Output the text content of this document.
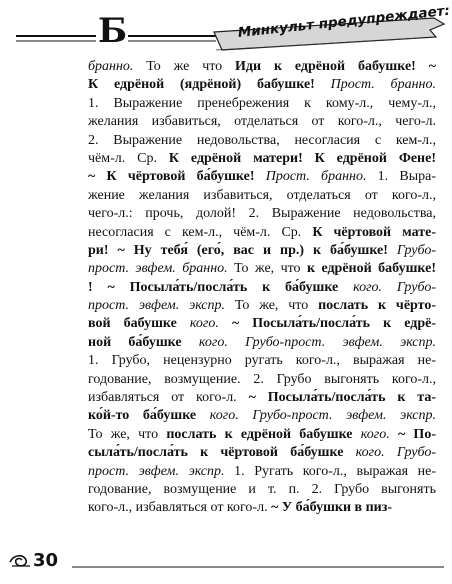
Б	Минкульт предупреждает:
бранно. То же что Иди к едрёной бабушке! ~
К едрёной (ядрёной) бабушке! Прост. бранно.
1. Выражение пренебрежения к кому-л., чему-л.,
желания избавиться, отделаться от кого-л., чего-л.
2. Выражение недовольства, несогласия с кем-л.,
чём-л. Ср. К едрёной матери! К едрёной Фене!
~ К чёртовой ба́бушке! Прост. бранно. 1. Выра-
жение желания избавиться, отделаться от кого-л.,
чего-л.: прочь, долой! 2. Выражение недовольства,
несогласия с кем-л., чём-л. Ср. К чёртовой мате-
ри! ~ Ну тебя́ (его́, вас и пр.) к ба́бушке! Грубо-
прост. эвфем. бранно. То же, что к едрёной бабушке!
! ~ Посыла́ть/посла́ть к ба́бушке кого. Грубо-
прост. эвфем. экспр. То же, что послать к чёрто-
вой бабушке кого. ~ Посыла́ть/посла́ть к едрё-
ной ба́бушке кого. Грубо-прост. эвфем. экспр.
1. Грубо, нецензурно ругать кого-л., выражая не-
годование, возмущение. 2. Грубо выгонять кого-л.,
избавляться от кого-л. ~ Посыла́ть/посла́ть к та-
ко́й-то ба́бушке кого. Грубо-прост. эвфем. экспр.
То же, что послать к едрёной бабушке кого. ~ По-
сыла́ть/посла́ть к чёртовой ба́бушке кого. Грубо-
прост. эвфем. экспр. 1. Ругать кого-л., выражая не-
годование, возмущение и т. п. 2. Грубо выгонять
кого-л., избавляться от кого-л. ~ У ба́бушки в пиз-
30
